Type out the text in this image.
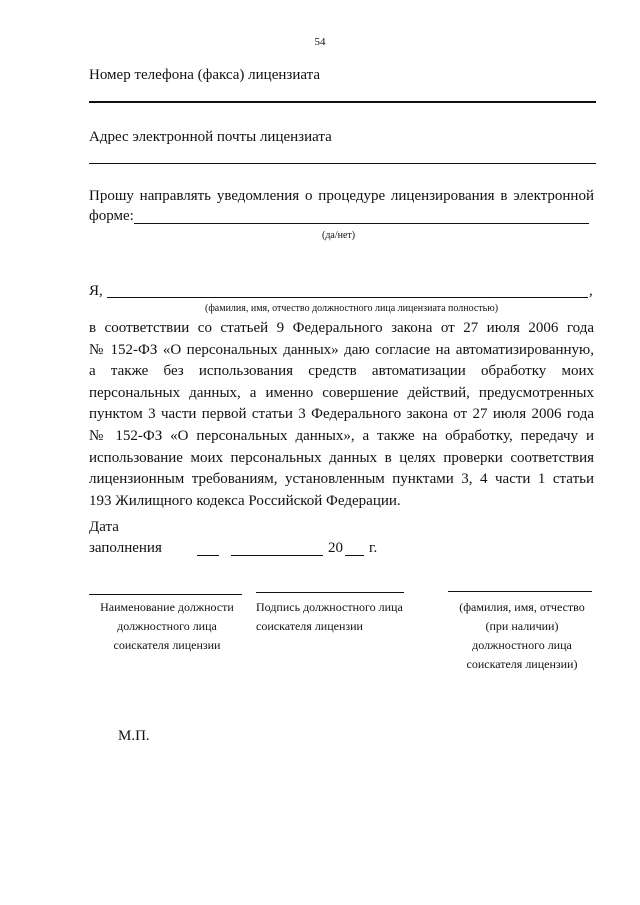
54
Номер телефона (факса) лицензиата
Адрес электронной почты лицензиата
Прошу направлять уведомления о процедуре лицензирования в электронной
форме:
(да/нет)
Я,	,
(фамилия, имя, отчество должностного лица лицензиата полностью)
в соответствии со статьей 9 Федерального закона от 27 июля 2006 года
№ 152-ФЗ «О персональных данных» даю согласие на автоматизированную,
а также без использования средств автоматизации обработку моих
персональных данных, а именно совершение действий, предусмотренных
пунктом 3 части первой статьи 3 Федерального закона от 27 июля 2006 года
№ 152-ФЗ «О персональных данных», а также на обработку, передачу и
использование моих персональных данных в целях проверки соответствия
лицензионным требованиям, установленным пунктами 3, 4 части 1 статьи
193 Жилищного кодекса Российской Федерации.
Дата
заполнения	20 г.
Наименование должности
должностного лица
соискателя лицензии
Подпись должностного лица
соискателя лицензии
(фамилия, имя, отчество
(при наличии)
должностного лица
соискателя лицензии)
М.П.
